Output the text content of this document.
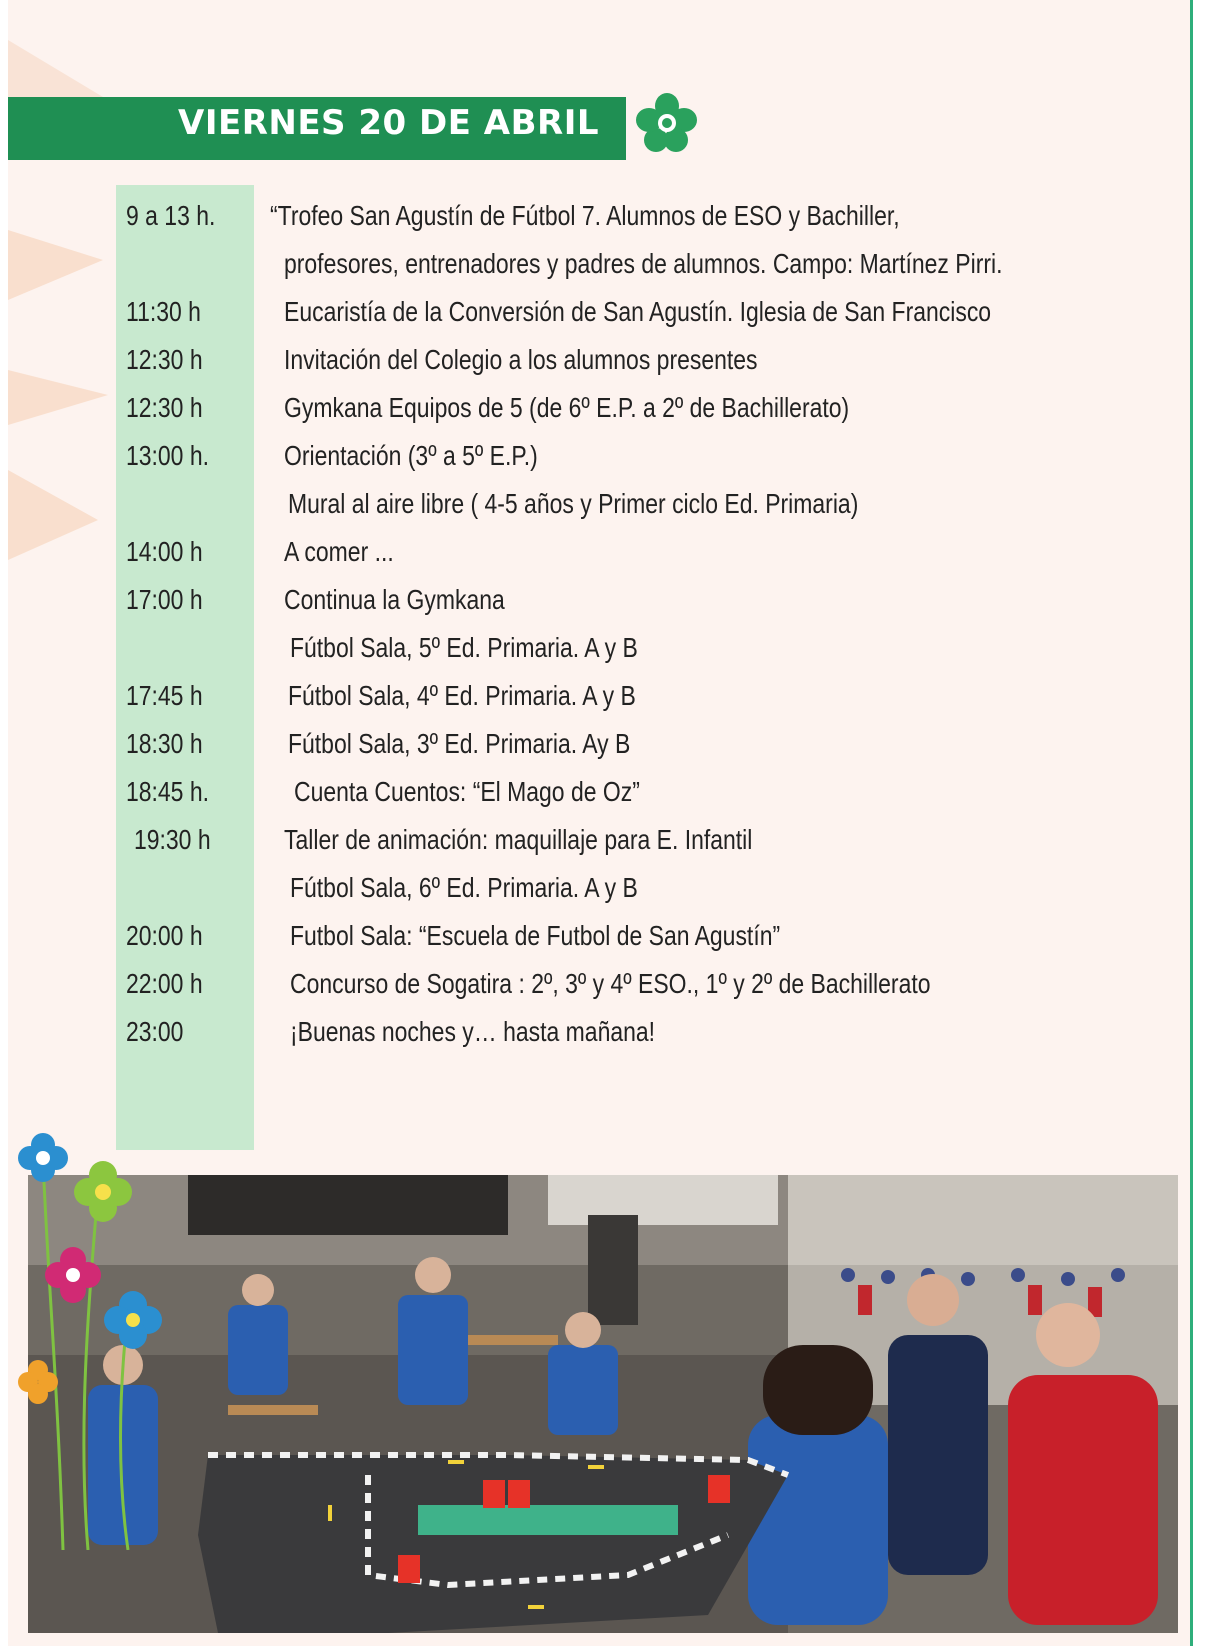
VIERNES 20 DE ABRIL
9 a 13 h.	“Trofeo San Agustín de Fútbol 7. Alumnos de ESO y Bachiller,
profesores, entrenadores y padres de alumnos. Campo: Martínez Pirri.
11:30 h	Eucaristía de la Conversión de San Agustín. Iglesia de San Francisco
12:30 h	Invitación del Colegio a los alumnos presentes
12:30 h	Gymkana Equipos de 5 (de 6º E.P. a 2º de Bachillerato)
13:00 h.	Orientación (3º a 5º E.P.)
Mural al aire libre ( 4-5 años y Primer ciclo Ed. Primaria)
14:00 h	A comer ...
17:00 h	Continua la Gymkana
Fútbol Sala, 5º Ed. Primaria. A y B
17:45 h	Fútbol Sala, 4º Ed. Primaria. A y B
18:30 h	Fútbol Sala, 3º Ed. Primaria. Ay B
18:45 h.	Cuenta Cuentos: “El Mago de Oz”
19:30 h	Taller de animación: maquillaje para E. Infantil
Fútbol Sala, 6º Ed. Primaria. A y B
20:00 h	Futbol Sala: “Escuela de Futbol de San Agustín”
22:00 h	Concurso de Sogatira : 2º, 3º y 4º ESO., 1º y 2º de Bachillerato
23:00	¡Buenas noches y… hasta mañana!
